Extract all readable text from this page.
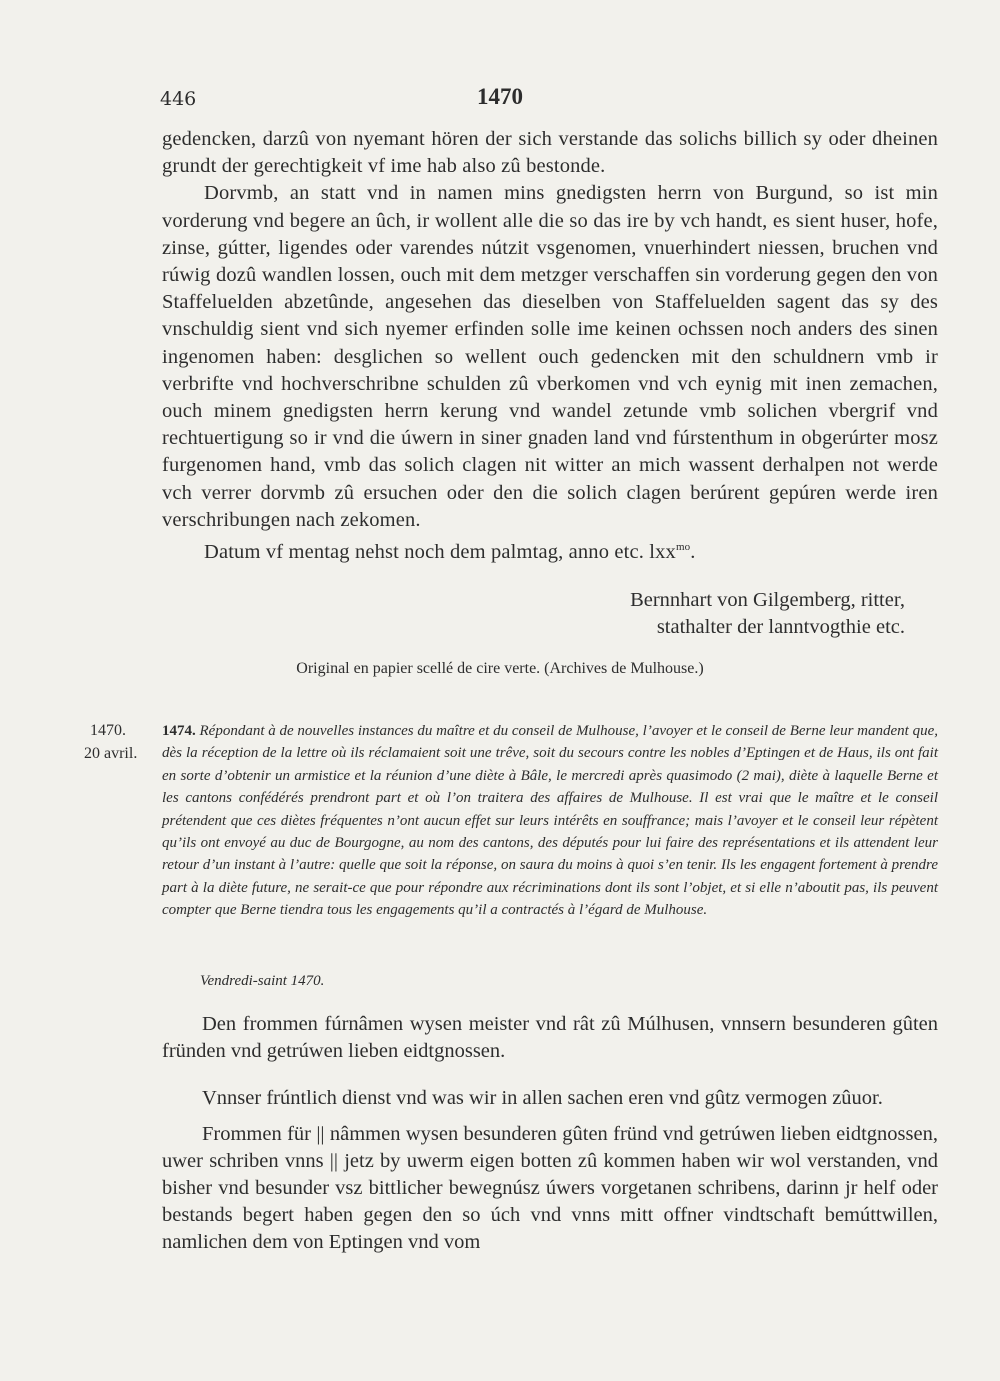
446	1470

gedencken, darzû von nyemant hören der sich verstande das solichs billich sy oder dheinen grundt der gerechtigkeit vf ime hab also zû bestonde.

Dorvmb, an statt vnd in namen mins gnedigsten herrn von Burgund, so ist min vorderung vnd begere an ûch, ir wollent alle die so das ire by vch handt, es sient huser, hofe, zinse, gútter, ligendes oder varendes nútzit vsgenomen, vnuerhindert niessen, bruchen vnd rúwig dozû wandlen lossen, ouch mit dem metzger verschaffen sin vorderung gegen den von Staffeluelden abzetûnde, angesehen das dieselben von Staffeluelden sagent das sy des vnschuldig sient vnd sich nyemer erfinden solle ime keinen ochssen noch anders des sinen ingenomen haben: desglichen so wellent ouch gedencken mit den schuldnern vmb ir verbrifte vnd hochverschribne schulden zû vberkomen vnd vch eynig mit inen zemachen, ouch minem gnedigsten herrn kerung vnd wandel zetunde vmb solichen vbergrif vnd rechtuertigung so ir vnd die úwern in siner gnaden land vnd fúrstenthum in obgerúrter mosz furgenomen hand, vmb das solich clagen nit witter an mich wassent derhalpen not werde vch verrer dorvmb zû ersuchen oder den die solich clagen berúrent gepúren werde iren verschribungen nach zekomen.

Datum vf mentag nehst noch dem palmtag, anno etc. lxx$^{mo}$.

Bernnhart von Gilgemberg, ritter,
stathalter der lanntvogthie etc.
Original en papier scellé de cire verte. (Archives de Mulhouse.)
1470.
20 avril.

1474. Répondant à de nouvelles instances du maître et du conseil de Mulhouse, l’avoyer et le conseil de Berne leur mandent que, dès la réception de la lettre où ils réclamaient soit une trêve, soit du secours contre les nobles d’Eptingen et de Haus, ils ont fait en sorte d’obtenir un armistice et la réunion d’une diète à Bâle, le mercredi après quasimodo (2 mai), diète à laquelle Berne et les cantons confédérés prendront part et où l’on traitera des affaires de Mulhouse. Il est vrai que le maître et le conseil prétendent que ces diètes fréquentes n’ont aucun effet sur leurs intérêts en souffrance; mais l’avoyer et le conseil leur répètent qu’ils ont envoyé au duc de Bourgogne, au nom des cantons, des députés pour lui faire des représentations et ils attendent leur retour d’un instant à l’autre: quelle que soit la réponse, on saura du moins à quoi s’en tenir. Ils les engagent fortement à prendre part à la diète future, ne serait-ce que pour répondre aux récriminations dont ils sont l’objet, et si elle n’aboutit pas, ils peuvent compter que Berne tiendra tous les engagements qu’il a contractés à l’égard de Mulhouse.

Vendredi-saint 1470.

Den frommen fúrnâmen wysen meister vnd rât zû Múlhusen, vnnsern besunderen gûten fründen vnd getrúwen lieben eidtgnossen.

Vnnser frúntlich dienst vnd was wir in allen sachen eren vnd gûtz vermogen zûuor.

Frommen für || nâmmen wysen besunderen gûten fründ vnd getrúwen lieben eidtgnossen, uwer schriben vnns || jetz by uwerm eigen botten zû kommen haben wir wol verstanden, vnd bisher vnd besunder vsz bittlicher bewegnúsz úwers vorgetanen schribens, darinn jr helf oder bestands begert haben gegen den so úch vnd vnns mitt offner vindtschaft bemúttwillen, namlichen dem von Eptingen vnd vom
